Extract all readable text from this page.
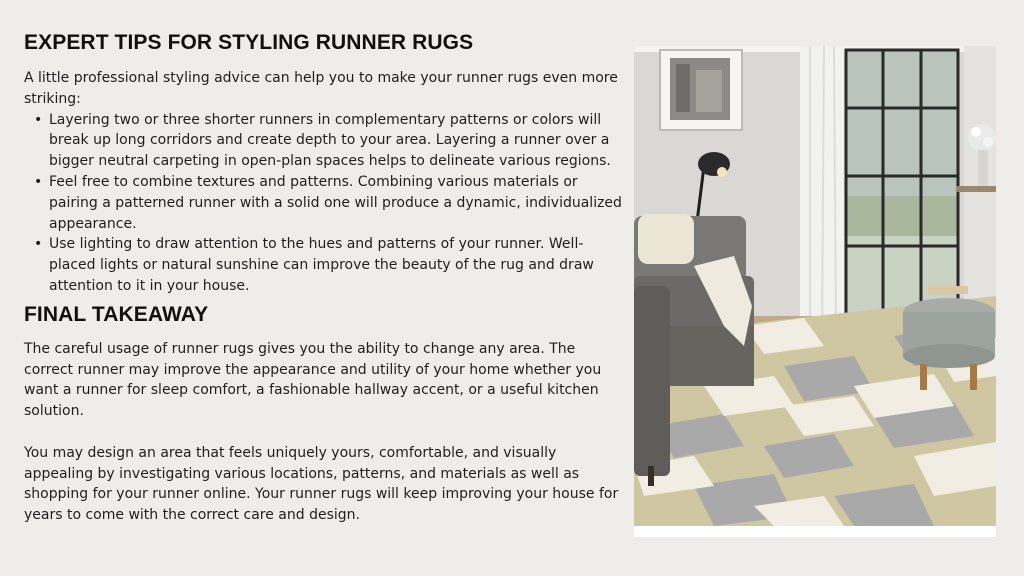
EXPERT TIPS FOR STYLING RUNNER RUGS

A little professional styling advice can help you to make your runner rugs even more striking:

• Layering two or three shorter runners in complementary patterns or colors will break up long corridors and create depth to your area. Layering a runner over a bigger neutral carpeting in open-plan spaces helps to delineate various regions.
• Feel free to combine textures and patterns. Combining various materials or pairing a patterned runner with a solid one will produce a dynamic, individualized appearance.
• Use lighting to draw attention to the hues and patterns of your runner. Well-placed lights or natural sunshine can improve the beauty of the rug and draw attention to it in your house.
FINAL TAKEAWAY

The careful usage of runner rugs gives you the ability to change any area. The correct runner may improve the appearance and utility of your home whether you want a runner for sleep comfort, a fashionable hallway accent, or a useful kitchen solution.

You may design an area that feels uniquely yours, comfortable, and visually appealing by investigating various locations, patterns, and materials as well as shopping for your runner online. Your runner rugs will keep improving your house for years to come with the correct care and design.
